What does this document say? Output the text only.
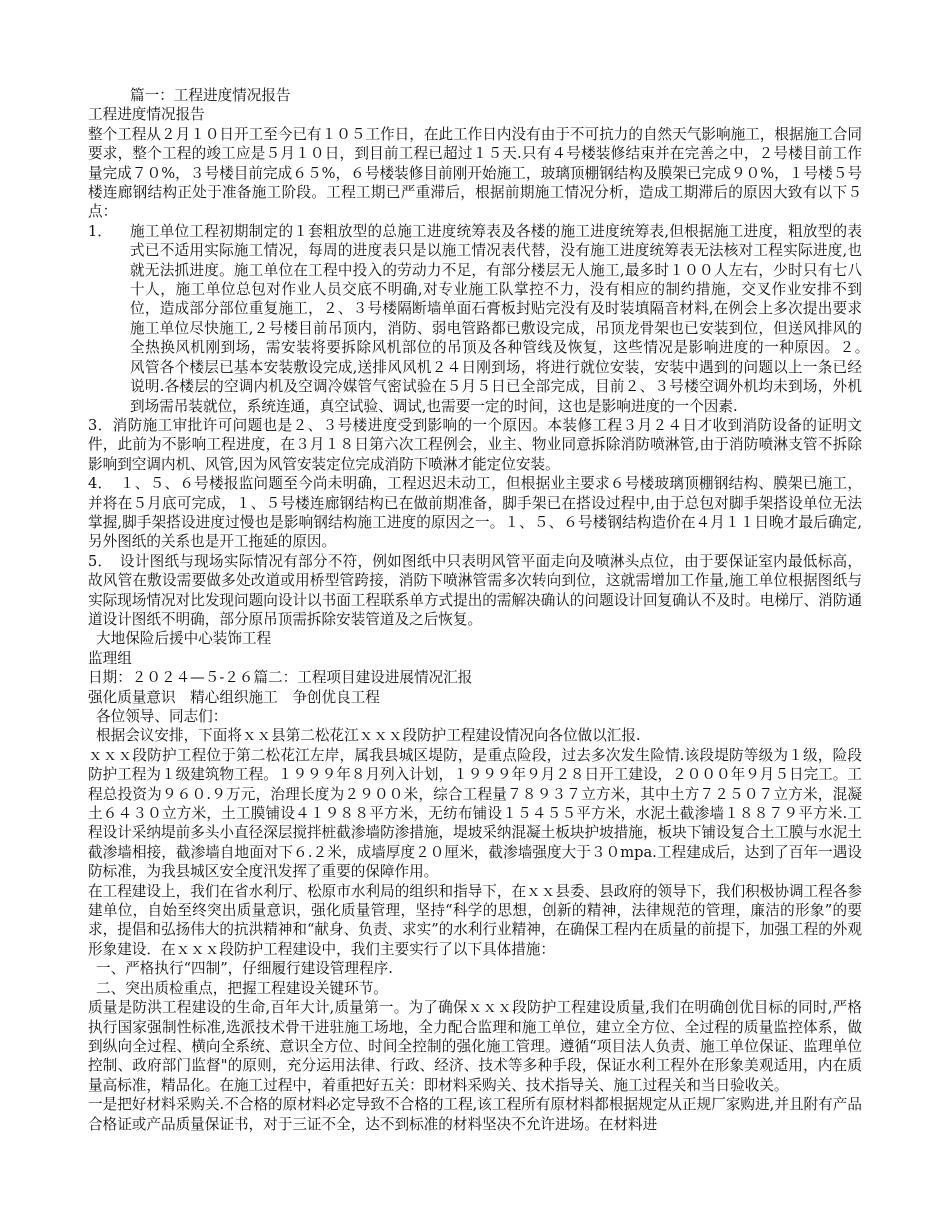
篇一：工程进度情况报告
工程进度情况报告
整个工程从２月１０日开工至今已有１０５工作日，在此工作日内没有由于不可抗力的自然天气影响施工，根据施工合同要求，整个工程的竣工应是５月１０日，到目前工程已超过１５天.只有４号楼装修结束并在完善之中，２号楼目前工作量完成７０%，３号楼目前完成６５%，６号楼装修目前刚开始施工，玻璃顶棚钢结构及膜架已完成９０%，１号楼５号楼连廊钢结构正处于准备施工阶段。工程工期已严重滞后，根据前期施工情况分析，造成工期滞后的原因大致有以下５点：
1．	施工单位工程初期制定的１套粗放型的总施工进度统筹表及各楼的施工进度统筹表,但根据施工进度，粗放型的表式已不适用实际施工情况，每周的进度表只是以施工情况表代替，没有施工进度统筹表无法核对工程实际进度,也就无法抓进度。施工单位在工程中投入的劳动力不足，有部分楼层无人施工,最多时１００人左右，少时只有七八十人，施工单位总包对作业人员交底不明确,对专业施工队掌控不力，没有相应的制约措施，交叉作业安排不到位，造成部分部位重复施工，２、３号楼隔断墙单面石膏板封贴完没有及时装填隔音材料,在例会上多次提出要求施工单位尽快施工,２号楼目前吊顶内，消防、弱电管路都已敷设完成，吊顶龙骨架也已安装到位，但送风排风的全热换风机刚到场，需安装将要拆除风机部位的吊顶及各种管线及恢复，这些情况是影响进度的一种原因。２。　风管各个楼层已基本安装敷设完成,送排风风机２４日刚到场，将进行就位安装，安装中遇到的问题以上一条已经说明.各楼层的空调内机及空调冷媒管气密试验在５月５日已全部完成，目前２、３号楼空调外机均未到场，外机到场需吊装就位，系统连通，真空试验、调试,也需要一定的时间，这也是影响进度的一个因素.
3．消防施工审批许可问题也是２、３号楼进度受到影响的一个原因。本装修工程３月２４日才收到消防设备的证明文件，此前为不影响工程进度，在３月１８日第六次工程例会，业主、物业同意拆除消防喷淋管,由于消防喷淋支管不拆除影响到空调内机、风管,因为风管安装定位完成消防下喷淋才能定位安装。
4．　１、５、６号楼报监问题至今尚未明确，工程迟迟未动工，但根据业主要求６号楼玻璃顶棚钢结构、膜架已施工，并将在５月底可完成，１、５号楼连廊钢结构已在做前期准备，脚手架已在搭设过程中,由于总包对脚手架搭设单位无法掌握,脚手架搭设进度过慢也是影响钢结构施工进度的原因之一。１、５、６号楼钢结构造价在４月１１日晚才最后确定,另外图纸的关系也是开工拖延的原因。
5．　设计图纸与现场实际情况有部分不符，例如图纸中只表明风管平面走向及喷淋头点位，由于要保证室内最低标高，故风管在敷设需要做多处改道或用桥型管跨接，消防下喷淋管需多次转向到位，这就需增加工作量,施工单位根据图纸与实际现场情况对比发现问题向设计以书面工程联系单方式提出的需解决确认的问题设计回复确认不及时。电梯厅、消防通道设计图纸不明确，部分原吊顶需拆除安装管道及之后恢复。
大地保险后援中心装饰工程
监理组
日期：２０２４—５-２６篇二：工程项目建设进展情况汇报
强化质量意识　精心组织施工　争创优良工程
各位领导、同志们：
根据会议安排，下面将ｘｘ县第二松花江ｘｘｘ段防护工程建设情况向各位做以汇报.
ｘｘｘ段防护工程位于第二松花江左岸，属我县城区堤防，是重点险段，过去多次发生险情.该段堤防等级为１级，险段防护工程为１级建筑物工程。１９９９年８月列入计划，１９９９年９月２８日开工建设，２０００年９月５日完工。工程总投资为９６０.９万元，治理长度为２９００米，综合工程量７８９３７立方米，其中土方７２５０７立方米，混凝土６４３０立方米，土工膜铺设４１９８８平方米，无纺布铺设１５４５５平方米，水泥土截渗墙１８８７９平方米.工程设计采纳堤前多头小直径深层搅拌桩截渗墙防渗措施，堤坡采纳混凝土板块护坡措施，板块下铺设复合土工膜与水泥土截渗墙相接，截渗墙自地面对下６.２米，成墙厚度２０厘米，截渗墙强度大于３０mpa.工程建成后，达到了百年一遇设防标准，为我县城区安全度汛发挥了重要的保障作用。
在工程建设上，我们在省水利厅、松原市水利局的组织和指导下，在ｘｘ县委、县政府的领导下，我们积极协调工程各参建单位，自始至终突出质量意识，强化质量管理，坚持“科学的思想，创新的精神，法律规范的管理，廉洁的形象”的要求，提倡和弘扬伟大的抗洪精神和“献身、负责、求实”的水利行业精神，在确保工程内在质量的前提下，加强工程的外观形象建设．在ｘｘｘ段防护工程建设中，我们主要实行了以下具体措施：
一、严格执行“四制”，仔细履行建设管理程序.
二、突出质检重点，把握工程建设关键环节。
质量是防洪工程建设的生命,百年大计,质量第一。为了确保ｘｘｘ段防护工程建设质量,我们在明确创优目标的同时,严格执行国家强制性标准,选派技术骨干进驻施工场地，全力配合监理和施工单位，建立全方位、全过程的质量监控体系，做到纵向全过程、横向全系统、意识全方位、时间全控制的强化施工管理。遵循“项目法人负责、施工单位保证、监理单位控制、政府部门监督"的原则，充分运用法律、行政、经济、技术等多种手段，保证水利工程外在形象美观适用，内在质量高标准，精品化。在施工过程中，着重把好五关：即材料采购关、技术指导关、施工过程关和当日验收关。
一是把好材料采购关.不合格的原材料必定导致不合格的工程,该工程所有原材料都根据规定从正规厂家购进,并且附有产品合格证或产品质量保证书，对于三证不全，达不到标准的材料坚决不允许进场。在材料进
